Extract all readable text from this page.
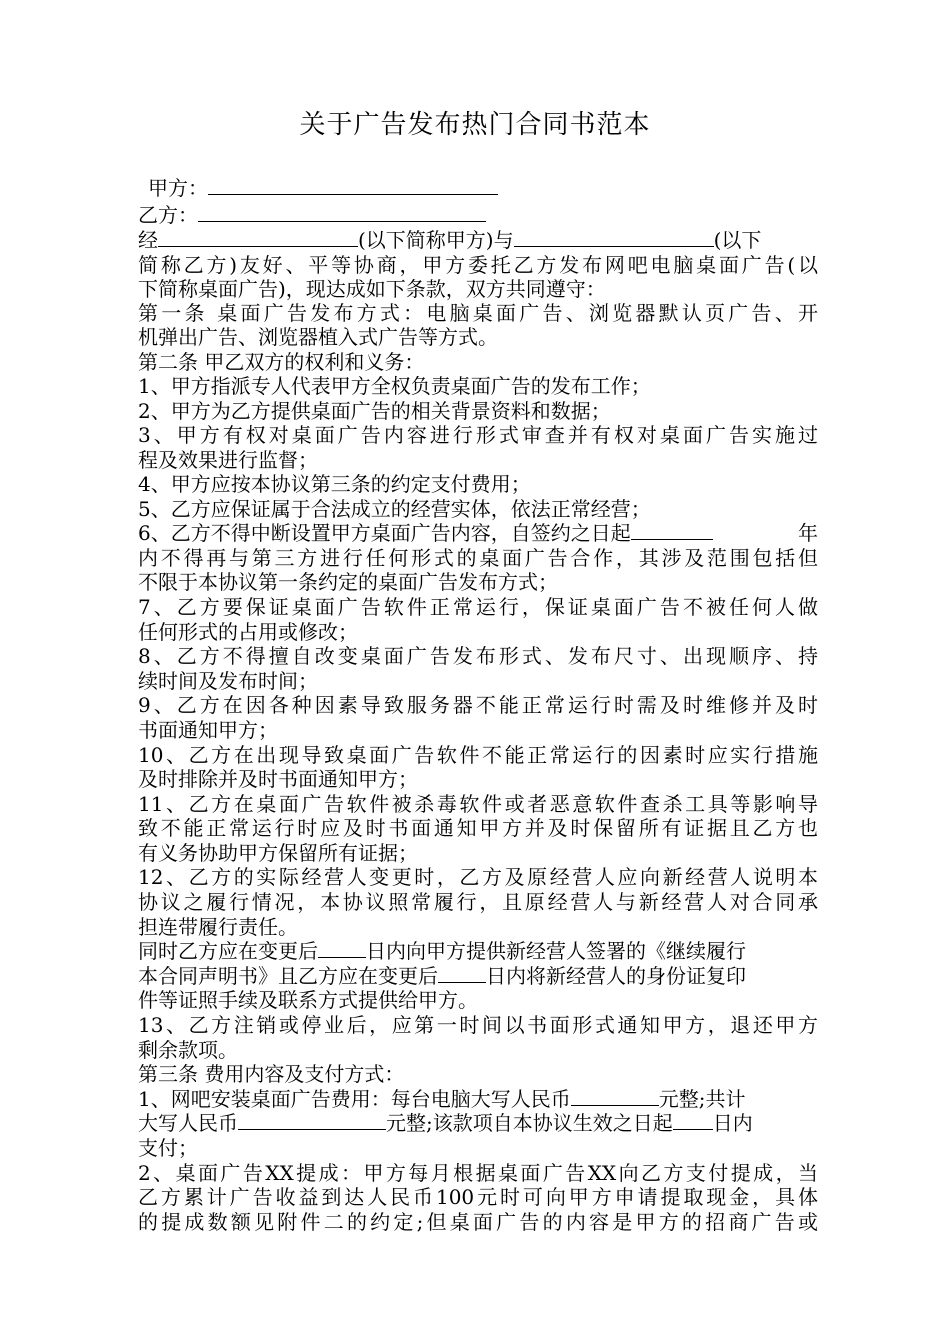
关于广告发布热门合同书范本
甲方：
乙方：
经	(以下简称甲方)与	(以下
简称乙方)友好、平等协商，甲方委托乙方发布网吧电脑桌面广告(以
下简称桌面广告)，现达成如下条款，双方共同遵守：
第一条 桌面广告发布方式：电脑桌面广告、浏览器默认页广告、开
机弹出广告、浏览器植入式广告等方式。
第二条 甲乙双方的权利和义务：
1、甲方指派专人代表甲方全权负责桌面广告的发布工作；
2、甲方为乙方提供桌面广告的相关背景资料和数据；
3、甲方有权对桌面广告内容进行形式审查并有权对桌面广告实施过
程及效果进行监督；
4、甲方应按本协议第三条的约定支付费用；
5、乙方应保证属于合法成立的经营实体，依法正常经营；
6、乙方不得中断设置甲方桌面广告内容，自签约之日起	年
内不得再与第三方进行任何形式的桌面广告合作，其涉及范围包括但
不限于本协议第一条约定的桌面广告发布方式；
7、乙方要保证桌面广告软件正常运行，保证桌面广告不被任何人做
任何形式的占用或修改；
8、乙方不得擅自改变桌面广告发布形式、发布尺寸、出现顺序、持
续时间及发布时间；
9、乙方在因各种因素导致服务器不能正常运行时需及时维修并及时
书面通知甲方；
10、乙方在出现导致桌面广告软件不能正常运行的因素时应实行措施
及时排除并及时书面通知甲方；
11、乙方在桌面广告软件被杀毒软件或者恶意软件查杀工具等影响导
致不能正常运行时应及时书面通知甲方并及时保留所有证据且乙方也
有义务协助甲方保留所有证据；
12、乙方的实际经营人变更时，乙方及原经营人应向新经营人说明本
协议之履行情况，本协议照常履行，且原经营人与新经营人对合同承
担连带履行责任。
同时乙方应在变更后 日内向甲方提供新经营人签署的《继续履行
本合同声明书》且乙方应在变更后 日内将新经营人的身份证复印
件等证照手续及联系方式提供给甲方。
13、乙方注销或停业后，应第一时间以书面形式通知甲方，退还甲方
剩余款项。
第三条 费用内容及支付方式：
1、网吧安装桌面广告费用：每台电脑大写人民币	元整;共计
大写人民币	元整;该款项自本协议生效之日起 日内
支付；
2、桌面广告XX提成：甲方每月根据桌面广告XX向乙方支付提成，当
乙方累计广告收益到达人民币100元时可向甲方申请提取现金，具体
的提成数额见附件二的约定;但桌面广告的内容是甲方的招商广告或
